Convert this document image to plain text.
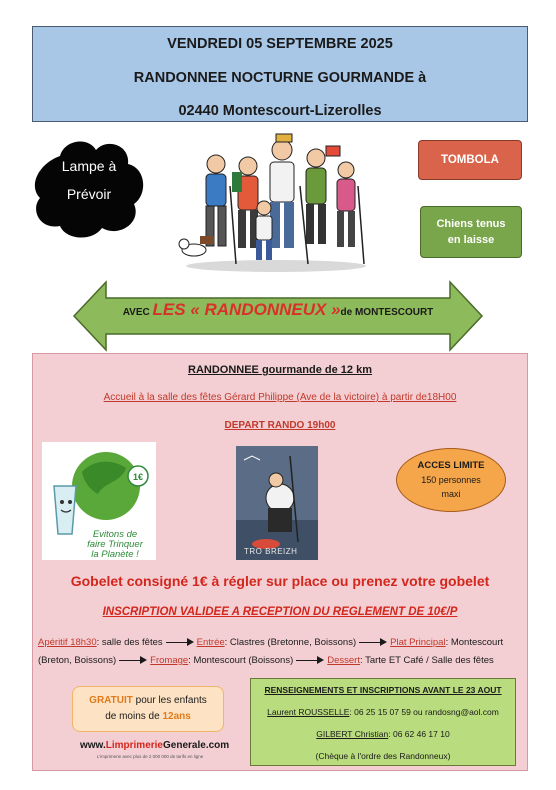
VENDREDI 05 SEPTEMBRE 2025
RANDONNEE NOCTURNE GOURMANDE à
02440 Montescourt-Lizerolles
Lampe à
Prévoir
TOMBOLA
Chiens tenus
en laisse
AVEC LES « RANDONNEUX »de MONTESCOURT
RANDONNEE gourmande de 12 km
Accueil à la salle des fêtes Gérard Philippe (Ave de la victoire) à partir de18H00
DEPART RANDO 19h00
1€
Evitons de
faire Trinquer
la Planète !	TRO BREIZH
ACCES LIMITE
150 personnes
maxi
Gobelet consigné 1€ à régler sur place ou prenez votre gobelet
INSCRIPTION VALIDEE A RECEPTION DU REGLEMENT DE 10€/P
Apéritif 18h30: salle des fêtes	Entrée: Clastres (Bretonne, Boissons)	Plat Principal: Montescourt
(Breton, Boissons)	Fromage: Montescourt (Boissons)	Dessert: Tarte ET Café / Salle des fêtes
GRATUIT pour les enfants
de moins de 12ans
www.LimprimerieGenerale.com
L'imprimerie avec plus de 2 000 000 de tarifs en ligne
RENSEIGNEMENTS ET INSCRIPTIONS AVANT LE 23 AOUT
Laurent ROUSSELLE: 06 25 15 07 59 ou randosng@aol.com
GILBERT Christian: 06 62 46 17 10
(Chèque à l'ordre des Randonneux)
